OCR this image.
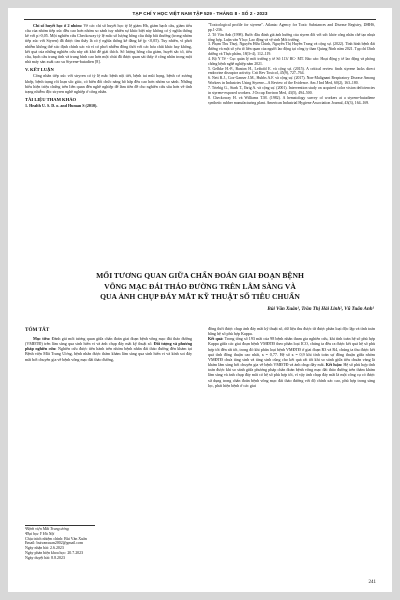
TẠP CHÍ Y HỌC VIỆT NAM TẬP 529 - THÁNG 8 - SỐ 2 - 2023

Chỉ số huyết học ở 2 nhóm: Về các chỉ số huyết học tỷ lệ giảm Hb, giảm bạch cầu, giảm tiểu cầu của nhóm tiếp xúc đều cao hơn nhóm so sánh tuy nhiên sự khác biệt này không có ý nghĩa thống kê với p>0,05. Một nghiên cứu Checkoway tỷ lệ mắc số lượng hồng cầu thấp bất thường (trong nhóm tiếp xúc với Styren) đã được tìm thấy là có ý nghĩa thống kê đáng kể (p <0,05). Tuy nhiên, vì phơi nhiễm không thể xác định chính xác và vì có phơi nhiễm đồng thời với các hóa chất khác hay không, kết quả của những nghiên cứu này rất khó để giải thích. Số lượng hồng cầu giảm, huyết sắc tố, tiểu cầu, bạch cầu trung tính và trung bình cao hơn một chút đã được quan sát thấy ở công nhân trong một nhà máy sản xuất cao su Styrene-butadien [8].

V. KẾT LUẬN

Công nhân tiếp xúc với stryren có tỷ lệ mắc bệnh nội tiết, bệnh tai mũi họng, bệnh cơ xương khớp, bệnh trạng rối loạn sắc giác, có biến đổi chức năng hô hấp đều cao hơn nhóm so sánh. Những biểu hiện triệu chứng trên liên quan đến nghề nghiệp để làm tiền đề cho nghiên cứu sâu hơn về tình trạng nhiễm độc stryren nghề nghiệp ở công nhân.

TÀI LIỆU THAM KHẢO

1. Health U. S. D. o. and Human S (2010).

"Toxicological profile for styrene". Atlanta: Agency for Toxic Substances and Disease Registry, DHHS, pp.1-236.

2. Tô Văn Anh (1998). Bước đầu đánh giá ảnh hưởng của styren đối với sức khỏe công nhân chế tạo nhựa tổng hợp. Luận văn Y học Lao động và vệ sinh Môi trường.

3. Phạm Thu Thuý, Nguyễn Hữu Chinh, Nguyễn Thị Huyền Trang và cộng sự. (2022). Tình hình bệnh đái đường và một số yếu tố liên quan của người lao động tại công ty than Quảng Ninh năm 2021. Tạp chí Dinh dưỡng và Thực phẩm, 18(3+4), 112–119.

4. Bộ Y Tế - Cục quản lý môi trường y tế Số 113/ BC- MT. Báo cáo: Hoạt động y tế lao động và phòng chống bệnh nghề nghiệp năm 2021.

5. Gelbke H.-P., Banton H., Leibold E. và cộng sự. (2015). A critical review finds styrene lacks direct endocrine disruptor activity. Crit Rev Toxicol, 45(9), 727–764.

6. Nett R.J., Cox-Ganser J.M., Hubbs A.F. và cộng sự. (2017). Non-Malignant Respiratory Disease Among Workers in Industries Using Styrene—A Review of the Evidence. Am J Ind Med, 60(2), 163–180.

7. Triebig G., Stark T., Ihrig A. và cộng sự. (2001). Intervention study on acquired color vision deficiencies in styrene-exposed workers. J Occup Environ Med, 43(5), 494–500.

8. Checkoway H. và Williams T.M. (1982). A hematology survey of workers at a styrene-butadiene synthetic rubber manufacturing plant. American Industrial Hygiene Association Journal, 43(3), 164–169.

MỐI TƯƠNG QUAN GIỮA CHẨN ĐOÁN GIAI ĐOẠN BỆNH
VÕNG MẠC ĐÁI THÁO ĐƯỜNG TRÊN LÂM SÀNG VÀ
QUA ẢNH CHỤP ĐÁY MẮT KỸ THUẬT SỐ TIÊU CHUẨN
Bùi Văn Xuân¹, Trần Thị Hải Linh², Vũ Tuấn Anh¹
TÓM TẮT

Mục tiêu: Đánh giá mối tương quan giữa chẩn đoán giai đoạn bệnh võng mạc đái tháo đường (VMĐTĐ) trên lâm sàng qua sinh hiển vi và ảnh chụp đáy mắt kỹ thuật số. Đối tượng và phương pháp nghiên cứu: Nghiên cứu được tiến hành trên nhóm bệnh nhân đái tháo đường đến khám tại Bệnh viện Mắt Trung Ương, bệnh nhân được thăm khám lâm sàng qua sinh hiển vi và kính soi đáy mắt bởi chuyên gia về bệnh võng mạc đái tháo đường,

¹Bệnh viện Mắt Trung ương
²Đại học Y Hà Nội
Chịu trách nhiệm chính: Bùi Văn Xuân
Email: buivanxuan2002@gmail.com
Ngày nhận bài: 2.6.2023
Ngày phản biện khoa học: 20.7.2023
Ngày duyệt bài: 8.8.2023

đồng thời được chụp ảnh đáy mắt kỹ thuật số, dữ liệu thu được từ được phân loại độc lập và tính toán bằng hệ số phù hợp Kappa.

Kết quả: Trong tổng số 193 mắt của 98 bệnh nhân tham gia nghiên cứu, khi tính toán hệ số phù hợp Kappa giữa các giai đoạn bệnh VMĐTĐ theo phân loại ICO, chúng ta đều ra được kết quả hệ số phù hợp tốt đến rất tốt, trong đó khi phân loại bệnh VMĐTĐ ở giai đoạn R3 và R4, chúng ta thu được kết quả tính đồng thuận cao nhất, κ = 0,77. Hệ số κ = 0,9 khi tính toán sự đồng thuận giữa nhóm VMĐTĐ chưa tăng sinh và tăng sinh cũng cho kết quả rất tốt khi so sánh giữa tiêu chuẩn vàng là khám lâm sàng bởi chuyên gia về bệnh VMĐTĐ và ảnh chụp đáy mắt. Kết luận: Hệ số phù hợp tính toán được khi so sánh giữa phương pháp chẩn đoán bệnh võng mạc đái tháo đường trên thăm khám lâm sàng và ảnh chụp đáy mắt có hệ số phù hợp tốt, vì vậy ảnh chụp đáy mắt là một công cụ có được sử dụng trong chẩn đoán bệnh võng mạc đái tháo đường với độ chính xác cao, phù hợp trong sàng lọc, phát hiện bệnh ở các giai

241
